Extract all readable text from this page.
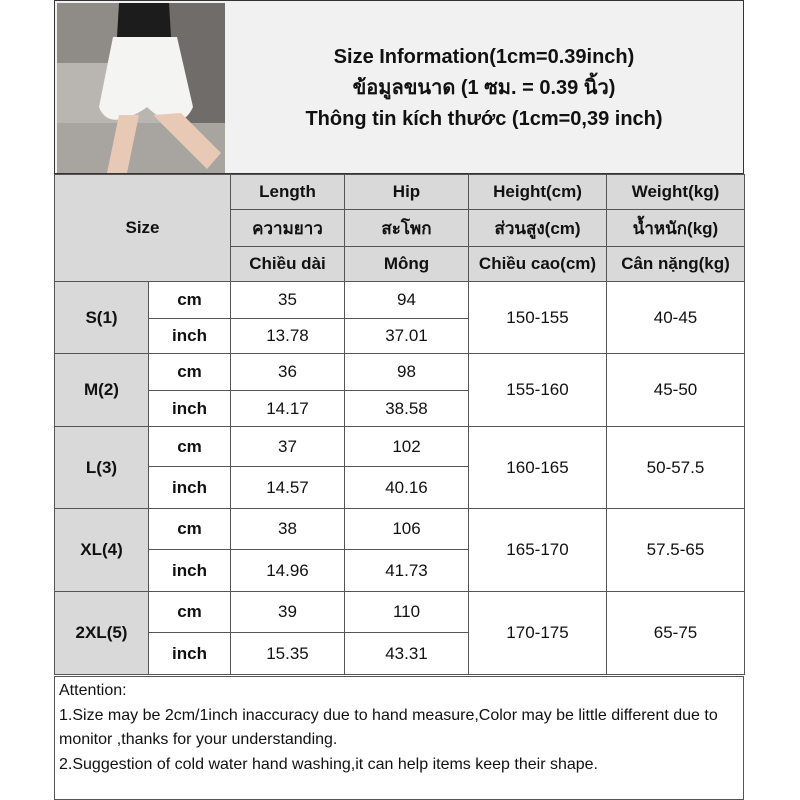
Size Information(1cm=0.39inch)
ข้อมูลขนาด (1 ซม. = 0.39 นิ้ว)
Thông tin kích thước (1cm=0,39 inch)
Size		Length	Hip	Height(cm)	Weight(kg)
		ความยาว	สะโพก	ส่วนสูง(cm)	น้ำหนัก(kg)
		Chiều dài	Mông	Chiều cao(cm)	Cân nặng(kg)
S(1)	cm	35	94	150-155	40-45
	inch	13.78	37.01		
M(2)	cm	36	98	155-160	45-50
	inch	14.17	38.58		
L(3)	cm	37	102	160-165	50-57.5
	inch	14.57	40.16		
XL(4)	cm	38	106	165-170	57.5-65
	inch	14.96	41.73		
2XL(5)	cm	39	110	170-175	65-75
	inch	15.35	43.31		

Attention:

1.Size may be 2cm/1inch inaccuracy due to hand measure,Color may be little different due to monitor ,thanks for your understanding.

2.Suggestion of cold water hand washing,it can help items keep their shape.
